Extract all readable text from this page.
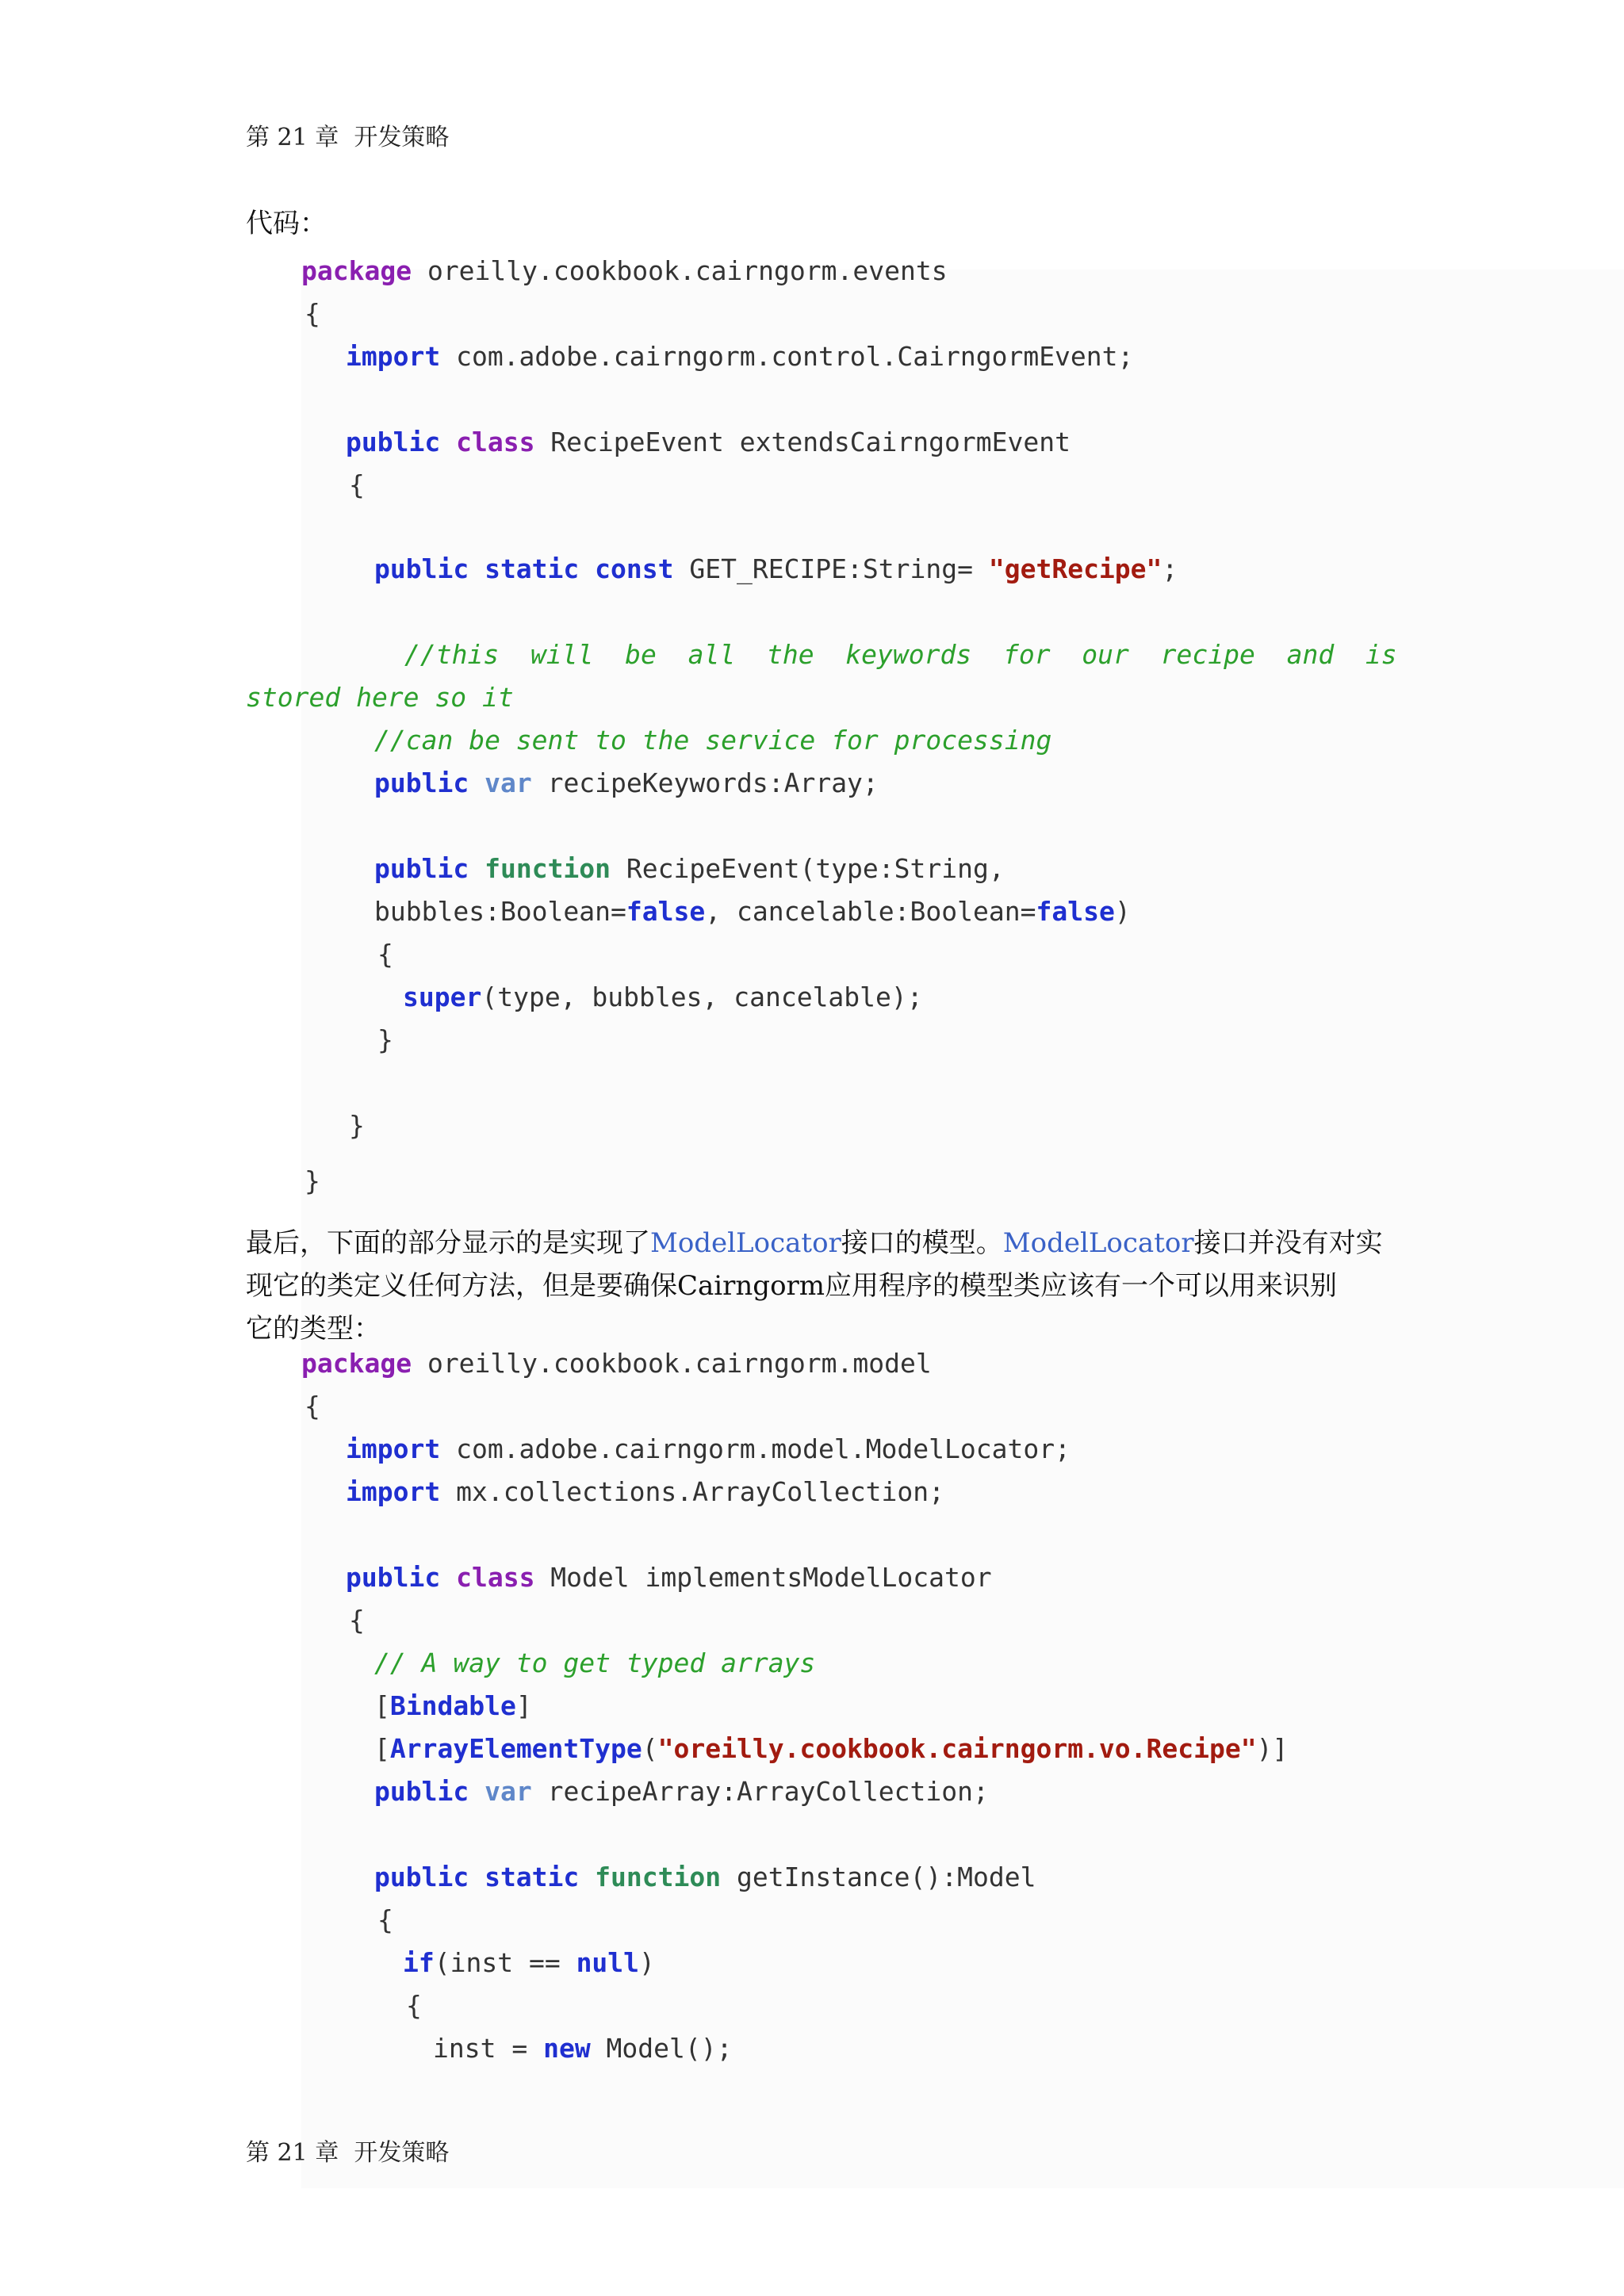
第 21 章  开发策略
代码：
package oreilly.cookbook.cairngorm.events
{
import com.adobe.cairngorm.control.CairngormEvent;
public class RecipeEvent extendsCairngormEvent
{
public static const GET_RECIPE:String= "getRecipe";
//this  will  be  all  the  keywords  for  our  recipe  and  is
stored here so it
//can be sent to the service for processing
public var recipeKeywords:Array;
public function RecipeEvent(type:String,
bubbles:Boolean=false, cancelable:Boolean=false)
{
super(type, bubbles, cancelable);
}
}
}
最后，下面的部分显示的是实现了ModelLocator接口的模型。ModelLocator接口并没有对实
现它的类定义任何方法，但是要确保Cairngorm应用程序的模型类应该有一个可以用来识别
它的类型：
package oreilly.cookbook.cairngorm.model
{
import com.adobe.cairngorm.model.ModelLocator;
import mx.collections.ArrayCollection;
public class Model implementsModelLocator
{
// A way to get typed arrays
[Bindable]
[ArrayElementType("oreilly.cookbook.cairngorm.vo.Recipe")]
public var recipeArray:ArrayCollection;
public static function getInstance():Model
{
if(inst == null)
{
inst = new Model();
第 21 章  开发策略
